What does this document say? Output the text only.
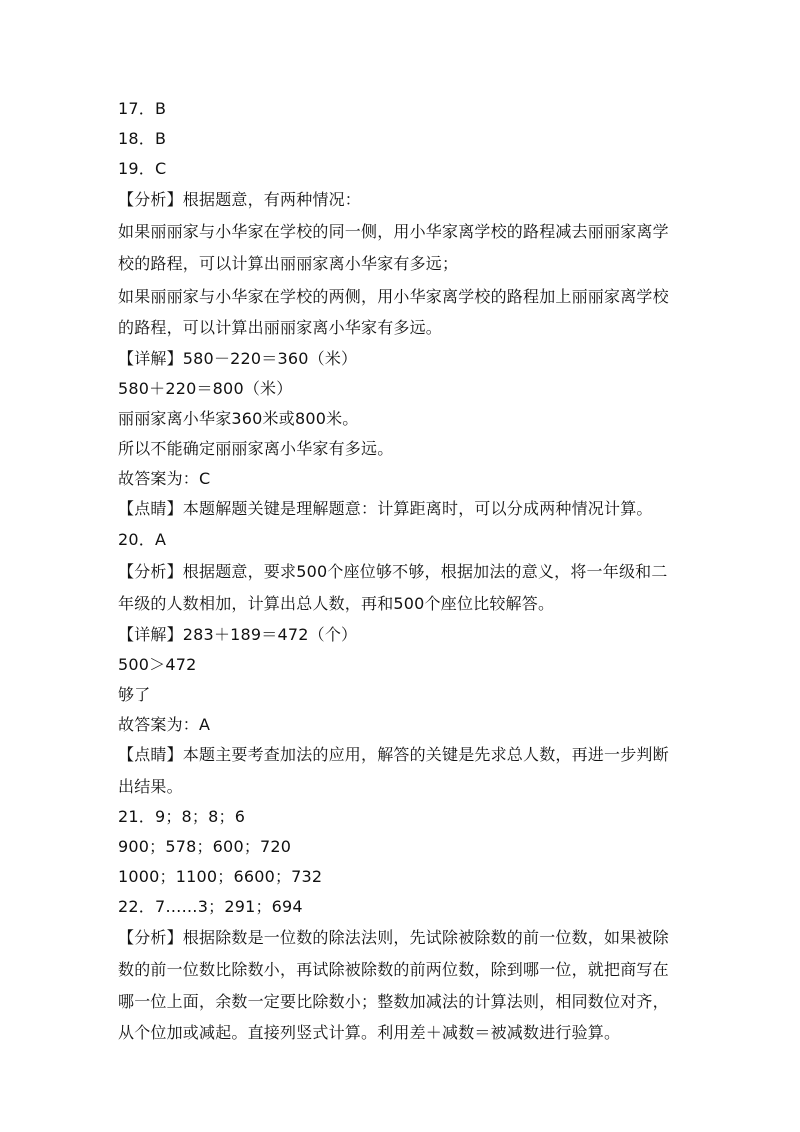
17．B
18．B
19．C
【分析】根据题意，有两种情况：
如果丽丽家与小华家在学校的同一侧，用小华家离学校的路程减去丽丽家离学
校的路程，可以计算出丽丽家离小华家有多远；
如果丽丽家与小华家在学校的两侧，用小华家离学校的路程加上丽丽家离学校
的路程，可以计算出丽丽家离小华家有多远。
【详解】580－220＝360（米）
580＋220＝800（米）
丽丽家离小华家360米或800米。
所以不能确定丽丽家离小华家有多远。
故答案为：C
【点睛】本题解题关键是理解题意：计算距离时，可以分成两种情况计算。
20．A
【分析】根据题意，要求500个座位够不够，根据加法的意义，将一年级和二
年级的人数相加，计算出总人数，再和500个座位比较解答。
【详解】283＋189＝472（个）
500＞472
够了
故答案为：A
【点睛】本题主要考查加法的应用，解答的关键是先求总人数，再进一步判断
出结果。
21．9；8；8；6
900；578；600；720
1000；1100；6600；732
22．7……3；291；694
【分析】根据除数是一位数的除法法则，先试除被除数的前一位数，如果被除
数的前一位数比除数小，再试除被除数的前两位数，除到哪一位，就把商写在
哪一位上面，余数一定要比除数小；整数加减法的计算法则，相同数位对齐，
从个位加或减起。直接列竖式计算。利用差＋减数＝被减数进行验算。
